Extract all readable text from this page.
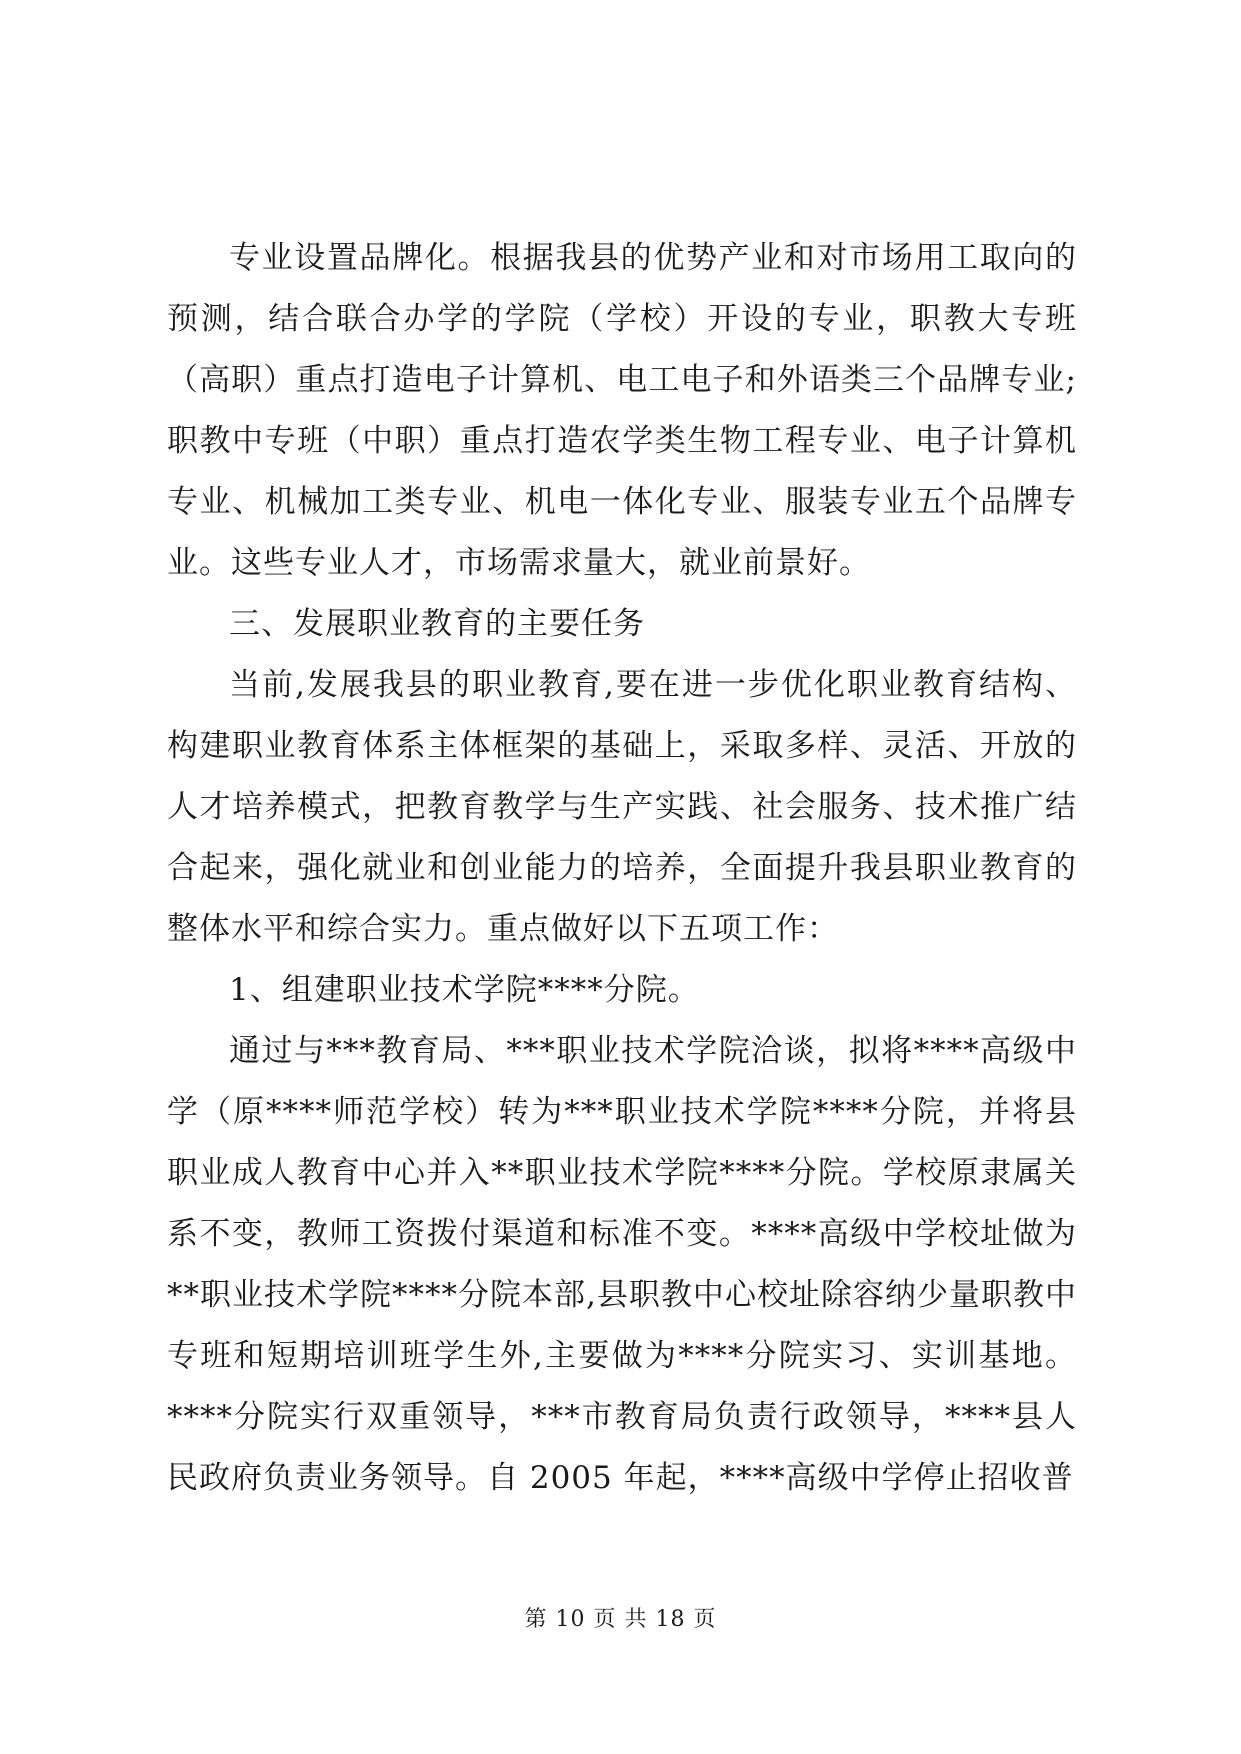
专业设置品牌化。根据我县的优势产业和对市场用工取向的预测，结合联合办学的学院（学校）开设的专业，职教大专班（高职）重点打造电子计算机、电工电子和外语类三个品牌专业;职教中专班（中职）重点打造农学类生物工程专业、电子计算机专业、机械加工类专业、机电一体化专业、服装专业五个品牌专业。这些专业人才，市场需求量大，就业前景好。

三、发展职业教育的主要任务

当前,发展我县的职业教育,要在进一步优化职业教育结构、构建职业教育体系主体框架的基础上，采取多样、灵活、开放的人才培养模式，把教育教学与生产实践、社会服务、技术推广结合起来，强化就业和创业能力的培养，全面提升我县职业教育的整体水平和综合实力。重点做好以下五项工作：

1、组建职业技术学院****分院。

通过与***教育局、***职业技术学院洽谈，拟将****高级中学（原****师范学校）转为***职业技术学院****分院，并将县职业成人教育中心并入**职业技术学院****分院。学校原隶属关系不变，教师工资拨付渠道和标准不变。****高级中学校址做为**职业技术学院****分院本部,县职教中心校址除容纳少量职教中专班和短期培训班学生外,主要做为****分院实习、实训基地。****分院实行双重领导，***市教育局负责行政领导，****县人民政府负责业务领导。自 2005 年起，****高级中学停止招收普

第 10 页 共 18 页
